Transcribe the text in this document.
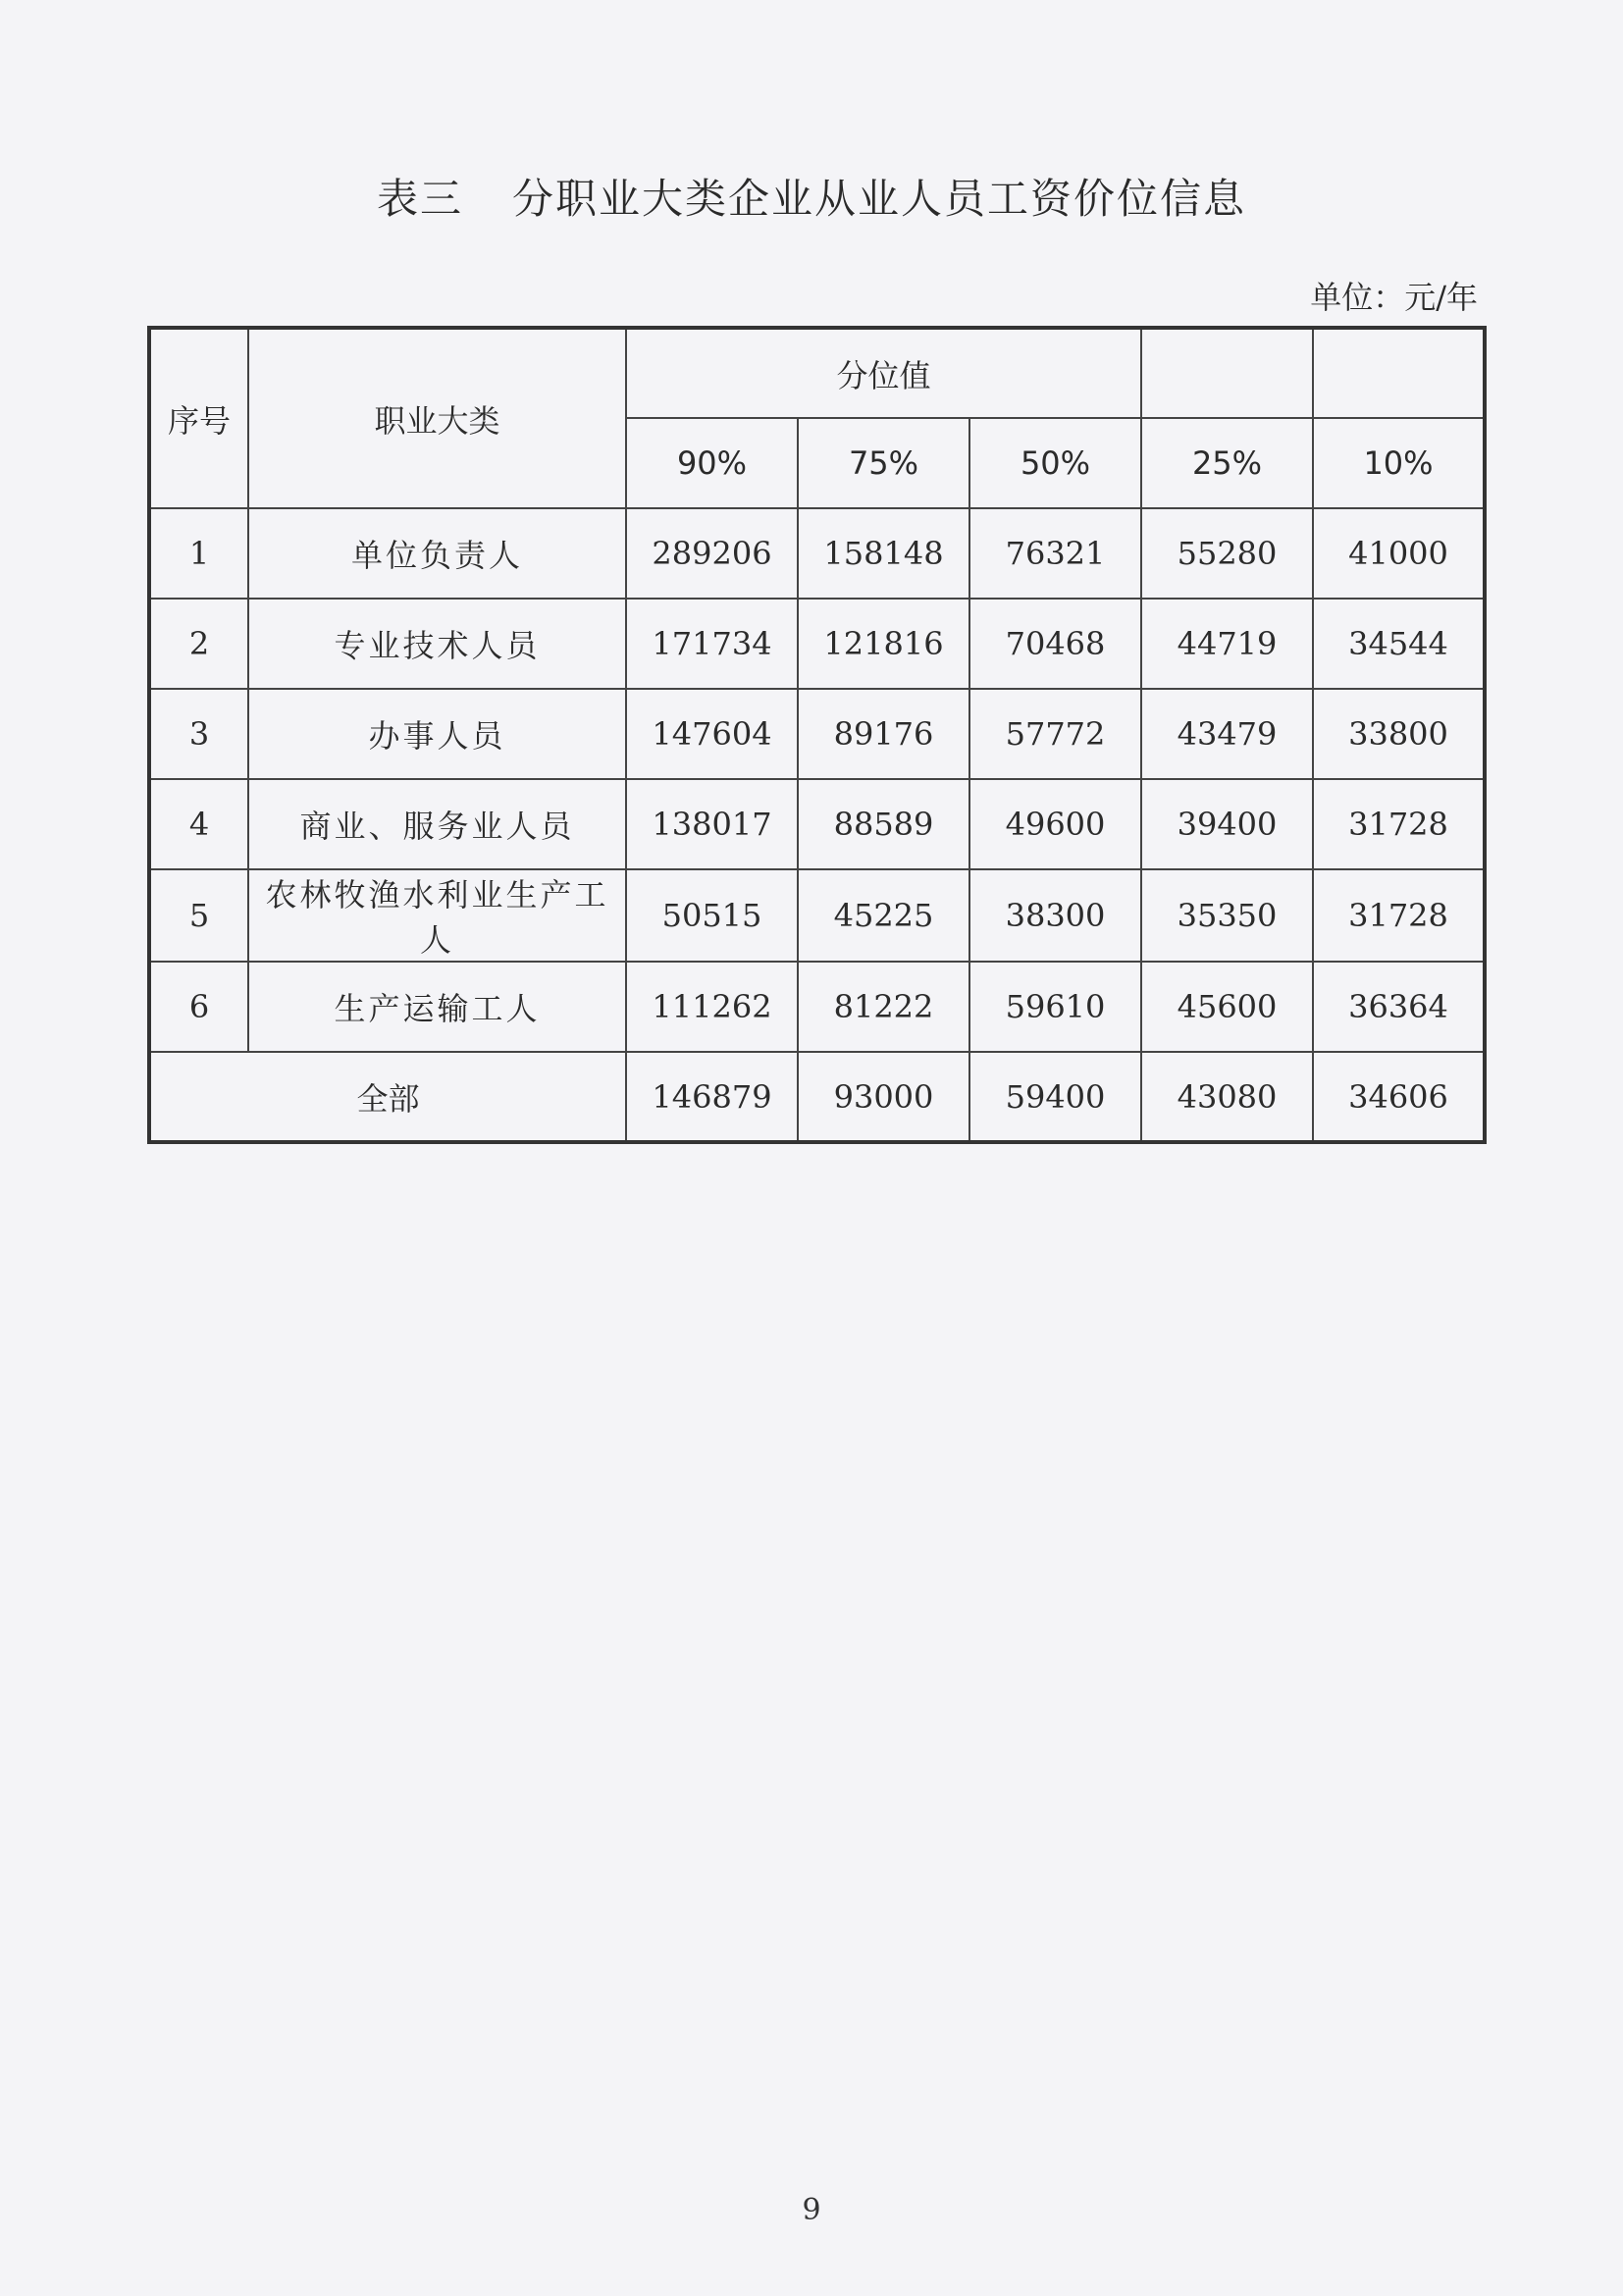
表三 分职业大类企业从业人员工资价位信息
单位：元/年
序号	职业大类	分位值				
		90%	75%	50%	25%	10%
1	单位负责人	289206	158148	76321	55280	41000
2	专业技术人员	171734	121816	70468	44719	34544
3	办事人员	147604	89176	57772	43479	33800
4	商业、服务业人员	138017	88589	49600	39400	31728
5	农林牧渔水利业生产工人	50515	45225	38300	35350	31728
6	生产运输工人	111262	81222	59610	45600	36364
全部		146879	93000	59400	43080	34606
9
